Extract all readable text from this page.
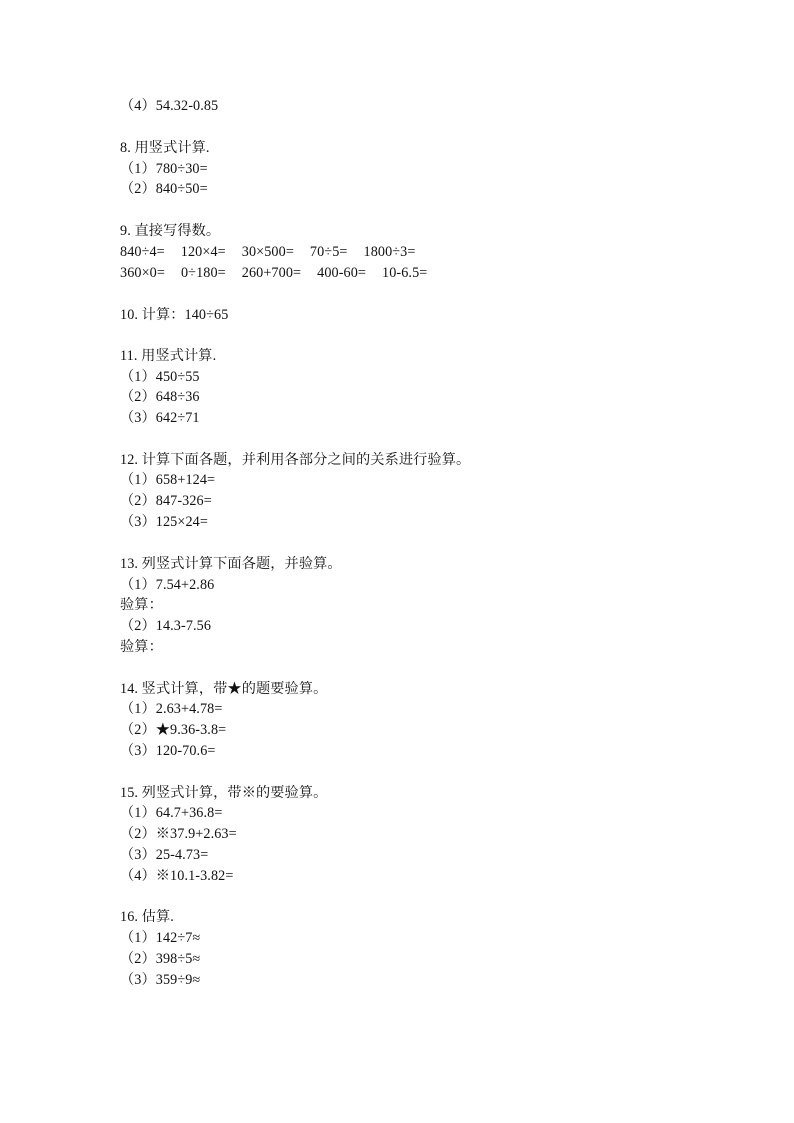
（4）54.32-0.85
8. 用竖式计算.
（1）780÷30=
（2）840÷50=
9. 直接写得数。
840÷4= 120×4= 30×500= 70÷5= 1800÷3=
360×0= 0÷180= 260+700= 400-60= 10-6.5=
10. 计算：140÷65
11. 用竖式计算.
（1）450÷55
（2）648÷36
（3）642÷71
12. 计算下面各题，并利用各部分之间的关系进行验算。
（1）658+124=
（2）847-326=
（3）125×24=
13. 列竖式计算下面各题，并验算。
（1）7.54+2.86
验算：
（2）14.3-7.56
验算：
14. 竖式计算，带★的题要验算。
（1）2.63+4.78=
（2）★9.36-3.8=
（3）120-70.6=
15. 列竖式计算，带※的要验算。
（1）64.7+36.8=
（2）※37.9+2.63=
（3）25-4.73=
（4）※10.1-3.82=
16. 估算.
（1）142÷7≈
（2）398÷5≈
（3）359÷9≈
